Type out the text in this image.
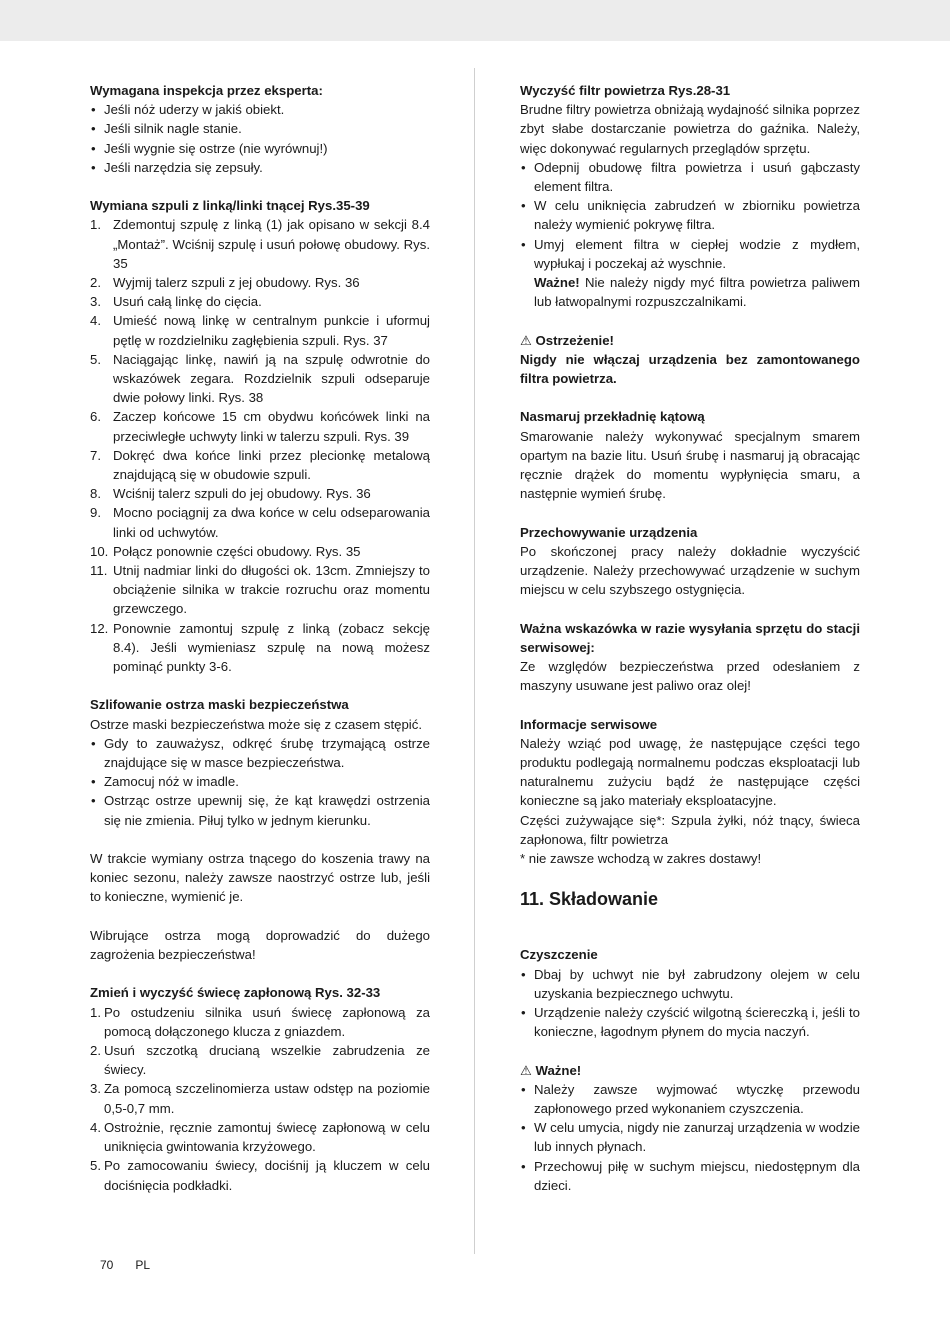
Wymagana inspekcja przez eksperta:
• Jeśli nóż uderzy w jakiś obiekt.
• Jeśli silnik nagle stanie.
• Jeśli wygnie się ostrze (nie wyrównuj!)
• Jeśli narzędzia się zepsuły.
Wymiana szpuli z linką/linki tnącej Rys.35-39
1. Zdemontuj szpulę z linką (1) jak opisano w sekcji 8.4 „Montaż”. Wciśnij szpulę i usuń połowę obudowy. Rys. 35
2. Wyjmij talerz szpuli z jej obudowy. Rys. 36
3. Usuń całą linkę do cięcia.
4. Umieść nową linkę w centralnym punkcie i uformuj pętlę w rozdzielniku zagłębienia szpuli. Rys. 37
5. Naciągając linkę, nawiń ją na szpulę odwrotnie do wskazówek zegara. Rozdzielnik szpuli odseparuje dwie połowy linki. Rys. 38
6. Zaczep końcowe 15 cm obydwu końcówek linki na przeciwległe uchwyty linki w talerzu szpuli. Rys. 39
7. Dokręć dwa końce linki przez plecionkę metalową znajdującą się w obudowie szpuli.
8. Wciśnij talerz szpuli do jej obudowy. Rys. 36
9. Mocno pociągnij za dwa końce w celu odseparowania linki od uchwytów.
10. Połącz ponownie części obudowy. Rys. 35
11. Utnij nadmiar linki do długości ok. 13cm. Zmniejszy to obciążenie silnika w trakcie rozruchu oraz momentu grzewczego.
12. Ponownie zamontuj szpulę z linką (zobacz sekcję 8.4). Jeśli wymieniasz szpulę na nową możesz pominąć punkty 3-6.
Szlifowanie ostrza maski bezpieczeństwa

Ostrze maski bezpieczeństwa może się z czasem stępić.

• Gdy to zauważysz, odkręć śrubę trzymającą ostrze znajdujące się w masce bezpieczeństwa.
• Zamocuj nóż w imadle.
• Ostrząc ostrze upewnij się, że kąt krawędzi ostrzenia się nie zmienia. Piłuj tylko w jednym kierunku.

W trakcie wymiany ostrza tnącego do koszenia trawy na koniec sezonu, należy zawsze naostrzyć ostrze lub, jeśli to konieczne, wymienić je.

Wibrujące ostrza mogą doprowadzić do dużego zagrożenia bezpieczeństwa!

Zmień i wyczyść świecę zapłonową Rys. 32-33
1. Po ostudzeniu silnika usuń świecę zapłonową za pomocą dołączonego klucza z gniazdem.
2. Usuń szczotką drucianą wszelkie zabrudzenia ze świecy.
3. Za pomocą szczelinomierza ustaw odstęp na poziomie 0,5-0,7 mm.
4. Ostrożnie, ręcznie zamontuj świecę zapłonową w celu uniknięcia gwintowania krzyżowego.
5. Po zamocowaniu świecy, dociśnij ją kluczem w celu dociśnięcia podkładki.
Wyczyść filtr powietrza Rys.28-31

Brudne filtry powietrza obniżają wydajność silnika poprzez zbyt słabe dostarczanie powietrza do gaźnika. Należy, więc dokonywać regularnych przeglądów sprzętu.

• Odepnij obudowę filtra powietrza i usuń gąbczasty element filtra.
• W celu uniknięcia zabrudzeń w zbiorniku powietrza należy wymienić pokrywę filtra.
• Umyj element filtra w ciepłej wodzie z mydłem, wypłukaj i poczekaj aż wyschnie.

Ważne! Nie należy nigdy myć filtra powietrza paliwem lub łatwopalnymi rozpuszczalnikami.

⚠ Ostrzeżenie!

Nigdy nie włączaj urządzenia bez zamontowanego filtra powietrza.

Nasmaruj przekładnię kątową

Smarowanie należy wykonywać specjalnym smarem opartym na bazie litu. Usuń śrubę i nasmaruj ją obracając ręcznie drążek do momentu wypłynięcia smaru, a następnie wymień śrubę.

Przechowywanie urządzenia

Po skończonej pracy należy dokładnie wyczyścić urządzenie. Należy przechowywać urządzenie w suchym miejscu w celu szybszego ostygnięcia.

Ważna wskazówka w razie wysyłania sprzętu do stacji serwisowej:

Ze względów bezpieczeństwa przed odesłaniem z maszyny usuwane jest paliwo oraz olej!

Informacje serwisowe

Należy wziąć pod uwagę, że następujące części tego produktu podlegają normalnemu podczas eksploatacji lub naturalnemu zużyciu bądź że następujące części konieczne są jako materiały eksploatacyjne.

Części zużywające się*: Szpula żyłki, nóż tnący, świeca zapłonowa, filtr powietrza

* nie zawsze wchodzą w zakres dostawy!

11. Składowanie
Czyszczenie
• Dbaj by uchwyt nie był zabrudzony olejem w celu uzyskania bezpiecznego uchwytu.
• Urządzenie należy czyścić wilgotną ściereczką i, jeśli to konieczne, łagodnym płynem do mycia naczyń.
⚠ Ważne!
• Należy zawsze wyjmować wtyczkę przewodu zapłonowego przed wykonaniem czyszczenia.
• W celu umycia, nigdy nie zanurzaj urządzenia w wodzie lub innych płynach.
• Przechowuj piłę w suchym miejscu, niedostępnym dla dzieci.
70 PL
